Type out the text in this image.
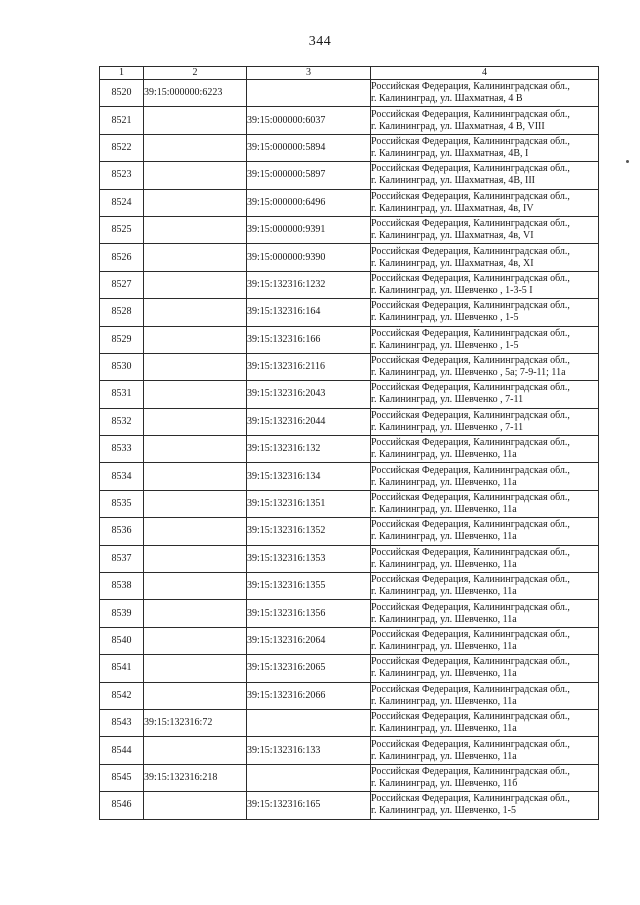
344
1	2	3	4
8520	39:15:000000:6223		Российская Федерация, Калининградская обл.,
г. Калининград, ул. Шахматная, 4 В

8521		39:15:000000:6037	Российская Федерация, Калининградская обл.,
г. Калининград, ул. Шахматная, 4 В, VIII

8522		39:15:000000:5894	Российская Федерация, Калининградская обл.,
г. Калининград, ул. Шахматная, 4В, I

8523		39:15:000000:5897	Российская Федерация, Калининградская обл.,
г. Калининград, ул. Шахматная, 4В, III

8524		39:15:000000:6496	Российская Федерация, Калининградская обл.,
г. Калининград, ул. Шахматная, 4в, IV

8525		39:15:000000:9391	Российская Федерация, Калининградская обл.,
г. Калининград, ул. Шахматная, 4в, VI

8526		39:15:000000:9390	Российская Федерация, Калининградская обл.,
г. Калининград, ул. Шахматная, 4в, XI

8527		39:15:132316:1232	Российская Федерация, Калининградская обл.,
г. Калининград, ул. Шевченко , 1-3-5 I

8528		39:15:132316:164	Российская Федерация, Калининградская обл.,
г. Калининград, ул. Шевченко , 1-5

8529		39:15:132316:166	Российская Федерация, Калининградская обл.,
г. Калининград, ул. Шевченко , 1-5

8530		39:15:132316:2116	Российская Федерация, Калининградская обл.,
г. Калининград, ул. Шевченко , 5а; 7-9-11; 11а

8531		39:15:132316:2043	Российская Федерация, Калининградская обл.,
г. Калининград, ул. Шевченко , 7-11

8532		39:15:132316:2044	Российская Федерация, Калининградская обл.,
г. Калининград, ул. Шевченко , 7-11

8533		39:15:132316:132	Российская Федерация, Калининградская обл.,
г. Калининград, ул. Шевченко, 11а

8534		39:15:132316:134	Российская Федерация, Калининградская обл.,
г. Калининград, ул. Шевченко, 11а

8535		39:15:132316:1351	Российская Федерация, Калининградская обл.,
г. Калининград, ул. Шевченко, 11а

8536		39:15:132316:1352	Российская Федерация, Калининградская обл.,
г. Калининград, ул. Шевченко, 11а

8537		39:15:132316:1353	Российская Федерация, Калининградская обл.,
г. Калининград, ул. Шевченко, 11а

8538		39:15:132316:1355	Российская Федерация, Калининградская обл.,
г. Калининград, ул. Шевченко, 11а

8539		39:15:132316:1356	Российская Федерация, Калининградская обл.,
г. Калининград, ул. Шевченко, 11а

8540		39:15:132316:2064	Российская Федерация, Калининградская обл.,
г. Калининград, ул. Шевченко, 11а

8541		39:15:132316:2065	Российская Федерация, Калининградская обл.,
г. Калининград, ул. Шевченко, 11а

8542		39:15:132316:2066	Российская Федерация, Калининградская обл.,
г. Калининград, ул. Шевченко, 11а

8543	39:15:132316:72		Российская Федерация, Калининградская обл.,
г. Калининград, ул. Шевченко, 11а

8544		39:15:132316:133	Российская Федерация, Калининградская обл.,
г. Калининград, ул. Шевченко, 11а

8545	39:15:132316:218		Российская Федерация, Калининградская обл.,
г. Калининград, ул. Шевченко, 11б

8546		39:15:132316:165	Российская Федерация, Калининградская обл.,
г. Калининград, ул. Шевченко, 1-5
